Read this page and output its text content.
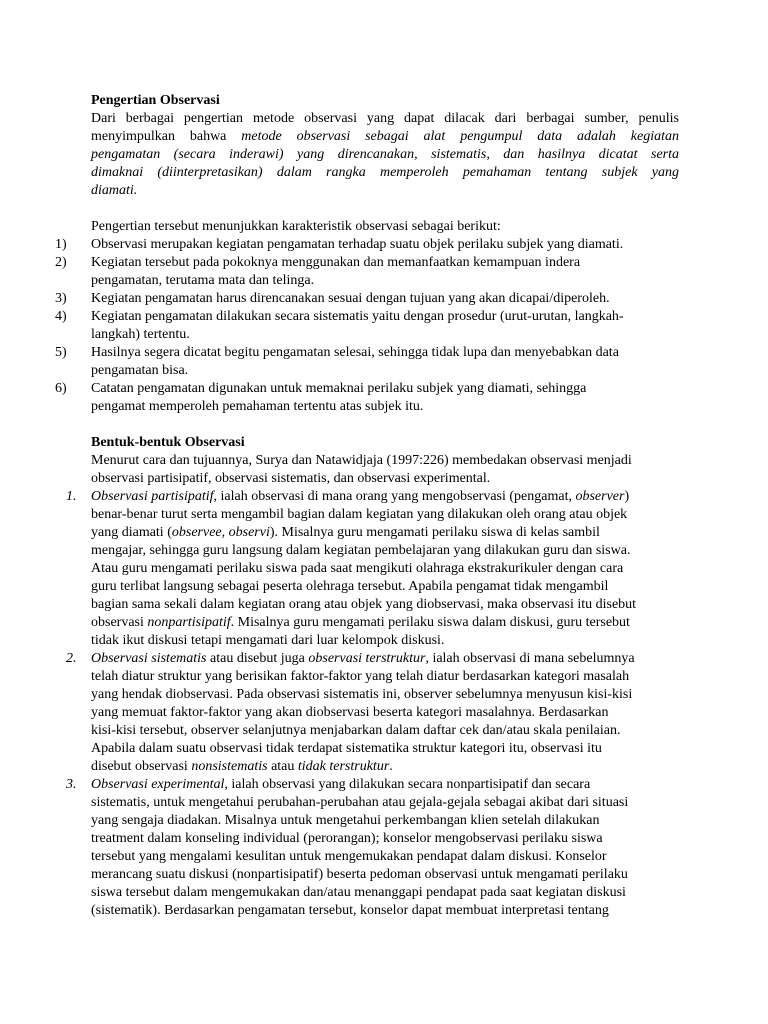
Pengertian Observasi
Dari berbagai pengertian metode observasi yang dapat dilacak dari berbagai sumber, penulis
menyimpulkan bahwa metode observasi sebagai alat pengumpul data adalah kegiatan
pengamatan (secara inderawi) yang direncanakan, sistematis, dan hasilnya dicatat serta
dimaknai (diinterpretasikan) dalam rangka memperoleh pemahaman tentang subjek yang
diamati.
Pengertian tersebut menunjukkan karakteristik observasi sebagai berikut:
1) Observasi merupakan kegiatan pengamatan terhadap suatu objek perilaku subjek yang diamati.
2) Kegiatan tersebut pada pokoknya menggunakan dan memanfaatkan kemampuan indera
pengamatan, terutama mata dan telinga.
3) Kegiatan pengamatan harus direncanakan sesuai dengan tujuan yang akan dicapai/diperoleh.
4) Kegiatan pengamatan dilakukan secara sistematis yaitu dengan prosedur (urut-urutan, langkah-
langkah) tertentu.
5) Hasilnya segera dicatat begitu pengamatan selesai, sehingga tidak lupa dan menyebabkan data
pengamatan bisa.
6) Catatan pengamatan digunakan untuk memaknai perilaku subjek yang diamati, sehingga
pengamat memperoleh pemahaman tertentu atas subjek itu.
Bentuk-bentuk Observasi
Menurut cara dan tujuannya, Surya dan Natawidjaja (1997:226) membedakan observasi menjadi
observasi partisipatif, observasi sistematis, dan observasi experimental.
1. Observasi partisipatif, ialah observasi di mana orang yang mengobservasi (pengamat, observer)
benar-benar turut serta mengambil bagian dalam kegiatan yang dilakukan oleh orang atau objek
yang diamati (observee, observi). Misalnya guru mengamati perilaku siswa di kelas sambil
mengajar, sehingga guru langsung dalam kegiatan pembelajaran yang dilakukan guru dan siswa.
Atau guru mengamati perilaku siswa pada saat mengikuti olahraga ekstrakurikuler dengan cara
guru terlibat langsung sebagai peserta olehraga tersebut. Apabila pengamat tidak mengambil
bagian sama sekali dalam kegiatan orang atau objek yang diobservasi, maka observasi itu disebut
observasi nonpartisipatif. Misalnya guru mengamati perilaku siswa dalam diskusi, guru tersebut
tidak ikut diskusi tetapi mengamati dari luar kelompok diskusi.
2. Observasi sistematis atau disebut juga observasi terstruktur, ialah observasi di mana sebelumnya
telah diatur struktur yang berisikan faktor-faktor yang telah diatur berdasarkan kategori masalah
yang hendak diobservasi. Pada observasi sistematis ini, observer sebelumnya menyusun kisi-kisi
yang memuat faktor-faktor yang akan diobservasi beserta kategori masalahnya. Berdasarkan
kisi-kisi tersebut, observer selanjutnya menjabarkan dalam daftar cek dan/atau skala penilaian.
Apabila dalam suatu observasi tidak terdapat sistematika struktur kategori itu, observasi itu
disebut observasi nonsistematis atau tidak terstruktur.
3. Observasi experimental, ialah observasi yang dilakukan secara nonpartisipatif dan secara
sistematis, untuk mengetahui perubahan-perubahan atau gejala-gejala sebagai akibat dari situasi
yang sengaja diadakan. Misalnya untuk mengetahui perkembangan klien setelah dilakukan
treatment dalam konseling individual (perorangan); konselor mengobservasi perilaku siswa
tersebut yang mengalami kesulitan untuk mengemukakan pendapat dalam diskusi. Konselor
merancang suatu diskusi (nonpartisipatif) beserta pedoman observasi untuk mengamati perilaku
siswa tersebut dalam mengemukakan dan/atau menanggapi pendapat pada saat kegiatan diskusi
(sistematik). Berdasarkan pengamatan tersebut, konselor dapat membuat interpretasi tentang
